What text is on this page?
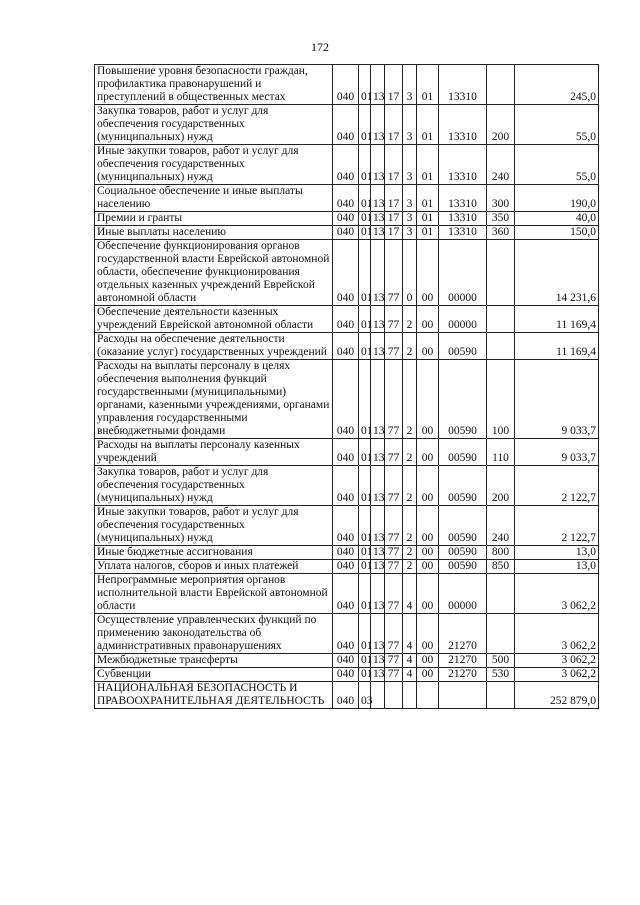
172
Повышение уровня безопасности граждан, профилактика правонарушений и преступлений в общественных местах	040	01	13	17	3	01	13310		245,0
Закупка товаров, работ и услуг для обеспечения государственных (муниципальных) нужд	040	01	13	17	3	01	13310	200	55,0
Иные закупки товаров, работ и услуг для обеспечения государственных (муниципальных) нужд	040	01	13	17	3	01	13310	240	55,0
Социальное обеспечение и иные выплаты населению	040	01	13	17	3	01	13310	300	190,0
Премии и гранты	040	01	13	17	3	01	13310	350	40,0
Иные выплаты населению	040	01	13	17	3	01	13310	360	150,0
Обеспечение функционирования органов государственной власти Еврейской автономной области, обеспечение функционирования отдельных казенных учреждений Еврейской автономной области	040	01	13	77	0	00	00000		14 231,6
Обеспечение деятельности казенных учреждений Еврейской автономной области	040	01	13	77	2	00	00000		11 169,4
Расходы на обеспечение деятельности (оказание услуг) государственных учреждений	040	01	13	77	2	00	00590		11 169,4
Расходы на выплаты персоналу в целях обеспечения выполнения функций государственными (муниципальными) органами, казенными учреждениями, органами управления государственными внебюджетными фондами	040	01	13	77	2	00	00590	100	9 033,7
Расходы на выплаты персоналу казенных учреждений	040	01	13	77	2	00	00590	110	9 033,7
Закупка товаров, работ и услуг для обеспечения государственных (муниципальных) нужд	040	01	13	77	2	00	00590	200	2 122,7
Иные закупки товаров, работ и услуг для обеспечения государственных (муниципальных) нужд	040	01	13	77	2	00	00590	240	2 122,7
Иные бюджетные ассигнования	040	01	13	77	2	00	00590	800	13,0
Уплата налогов, сборов и иных платежей	040	01	13	77	2	00	00590	850	13,0
Непрограммные мероприятия органов исполнительной власти Еврейской автономной области	040	01	13	77	4	00	00000		3 062,2
Осуществление управленческих функций по применению законодательства об административных правонарушениях	040	01	13	77	4	00	21270		3 062,2
Межбюджетные трансферты	040	01	13	77	4	00	21270	500	3 062,2
Субвенции	040	01	13	77	4	00	21270	530	3 062,2
НАЦИОНАЛЬНАЯ БЕЗОПАСНОСТЬ И ПРАВООХРАНИТЕЛЬНАЯ ДЕЯТЕЛЬНОСТЬ	040	03							252 879,0
